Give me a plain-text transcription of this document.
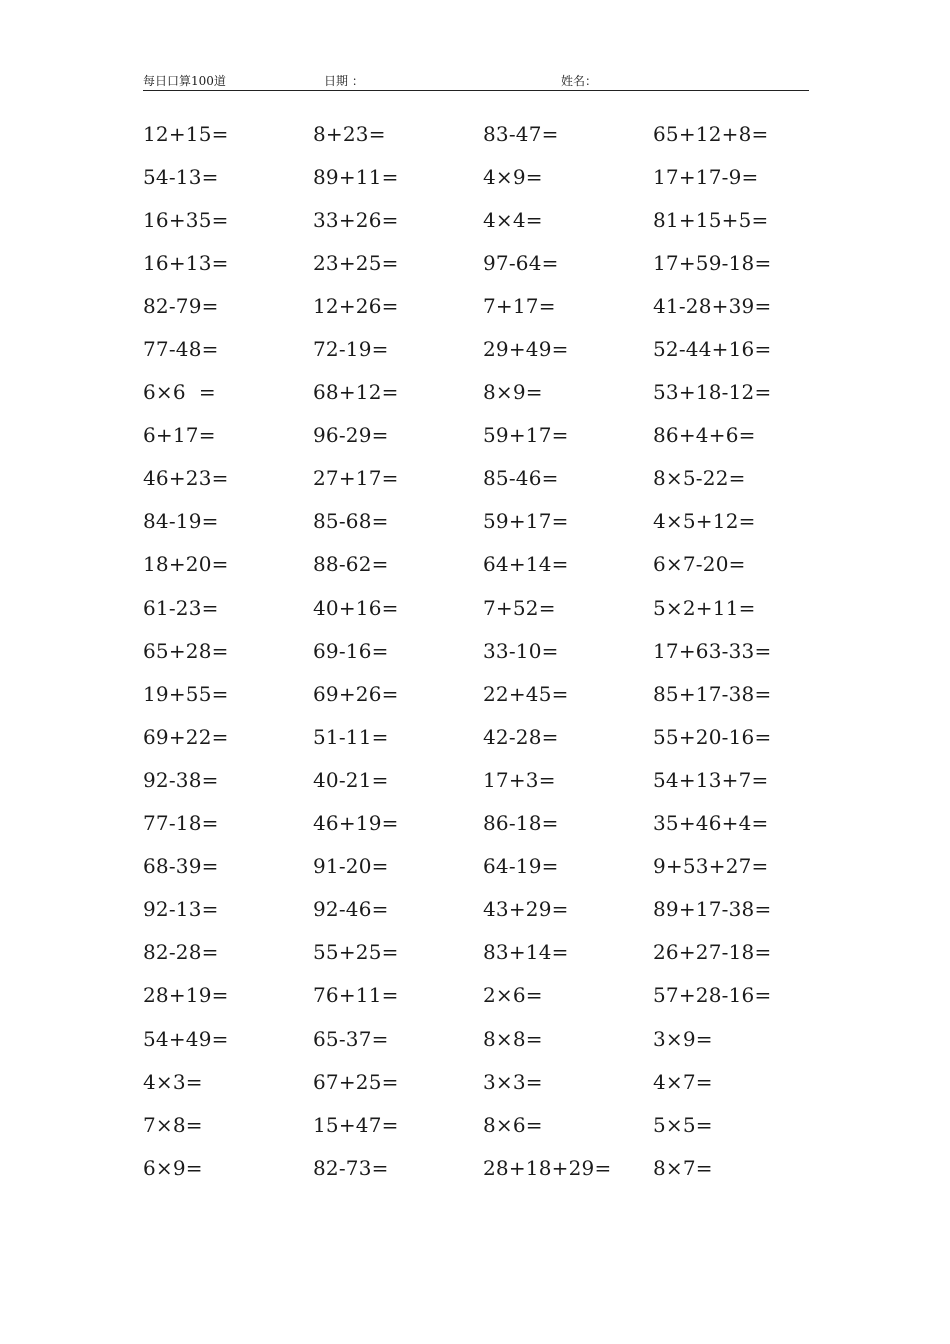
每日口算100道	日期 ：	姓名：
12+15=	8+23=	83-47=	65+12+8=
54-13=	89+11=	4×9=	17+17-9=
16+35=	33+26=	4×4=	81+15+5=
16+13=	23+25=	97-64=	17+59-18=
82-79=	12+26=	7+17=	41-28+39=
77-48=	72-19=	29+49=	52-44+16=
6×6  =	68+12=	8×9=	53+18-12=
6+17=	96-29=	59+17=	86+4+6=
46+23=	27+17=	85-46=	8×5-22=
84-19=	85-68=	59+17=	4×5+12=
18+20=	88-62=	64+14=	6×7-20=
61-23=	40+16=	7+52=	5×2+11=
65+28=	69-16=	33-10=	17+63-33=
19+55=	69+26=	22+45=	85+17-38=
69+22=	51-11=	42-28=	55+20-16=
92-38=	40-21=	17+3=	54+13+7=
77-18=	46+19=	86-18=	35+46+4=
68-39=	91-20=	64-19=	9+53+27=
92-13=	92-46=	43+29=	89+17-38=
82-28=	55+25=	83+14=	26+27-18=
28+19=	76+11=	2×6=	57+28-16=
54+49=	65-37=	8×8=	3×9=
4×3=	67+25=	3×3=	4×7=
7×8=	15+47=	8×6=	5×5=
6×9=	82-73=	28+18+29=	8×7=
